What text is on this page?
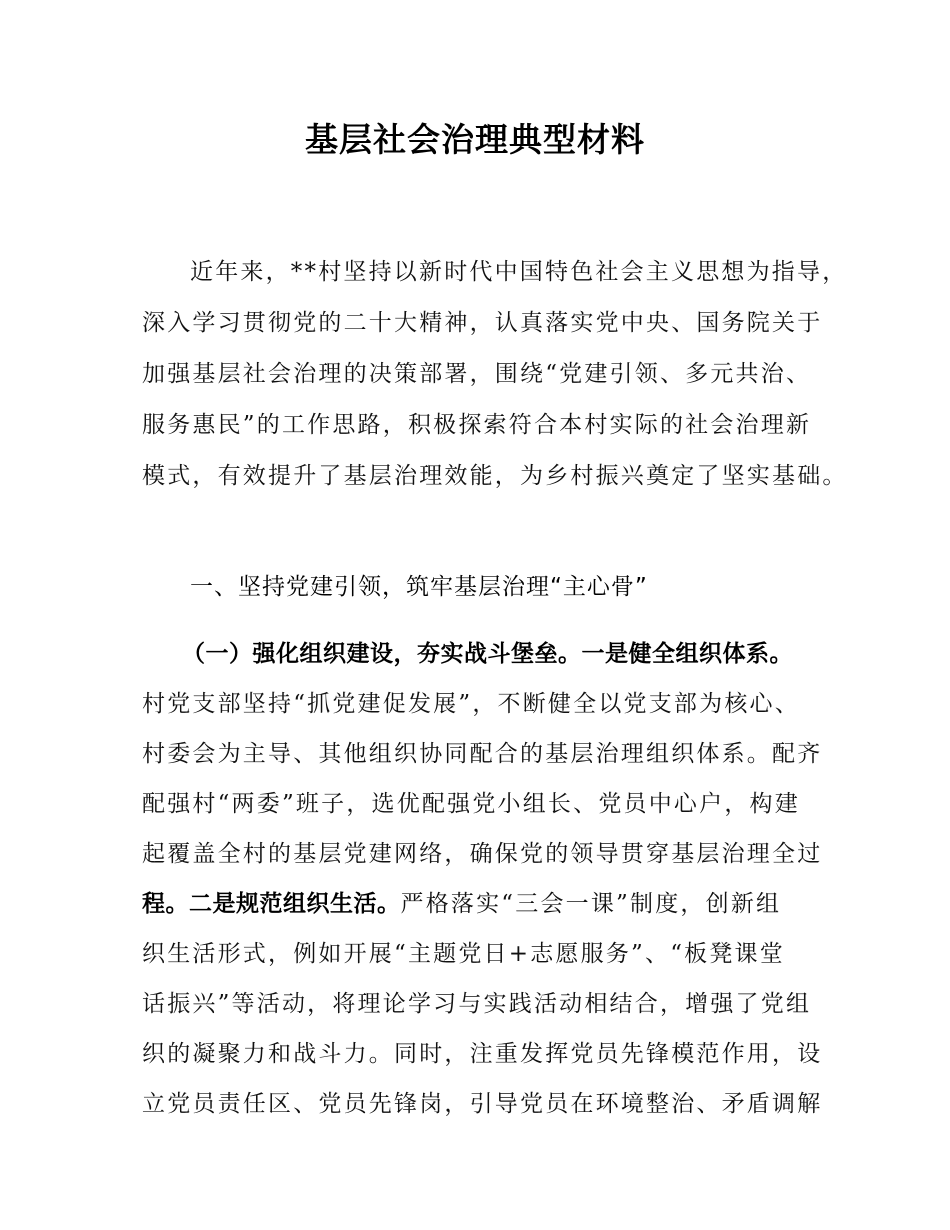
基层社会治理典型材料
近年来，**村坚持以新时代中国特色社会主义思想为指导，
深入学习贯彻党的二十大精神，认真落实党中央、国务院关于
加强基层社会治理的决策部署，围绕“党建引领、多元共治、
服务惠民”的工作思路，积极探索符合本村实际的社会治理新
模式，有效提升了基层治理效能，为乡村振兴奠定了坚实基础。
一、坚持党建引领，筑牢基层治理“主心骨”
（一）强化组织建设，夯实战斗堡垒。一是健全组织体系。
村党支部坚持“抓党建促发展”，不断健全以党支部为核心、
村委会为主导、其他组织协同配合的基层治理组织体系。配齐
配强村“两委”班子，选优配强党小组长、党员中心户，构建
起覆盖全村的基层党建网络，确保党的领导贯穿基层治理全过
程。二是规范组织生活。严格落实“三会一课”制度，创新组
织生活形式，例如开展“主题党日+志愿服务”、“板凳课堂
话振兴”等活动，将理论学习与实践活动相结合，增强了党组
织的凝聚力和战斗力。同时，注重发挥党员先锋模范作用，设
立党员责任区、党员先锋岗，引导党员在环境整治、矛盾调解
